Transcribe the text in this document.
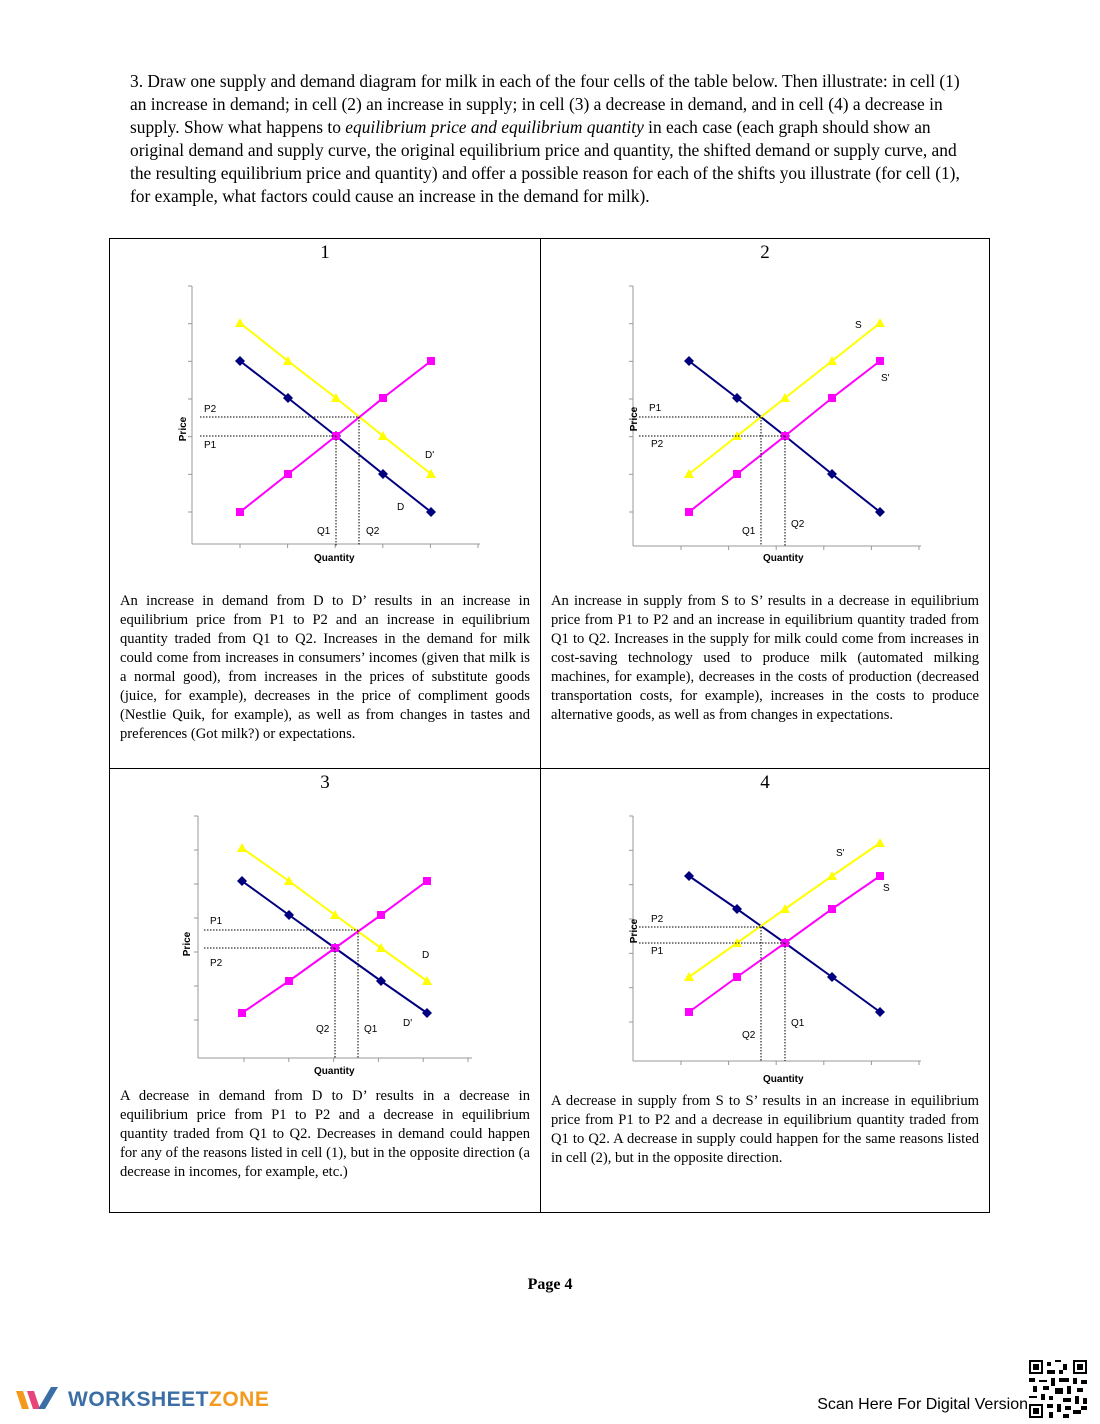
3. Draw one supply and demand diagram for milk in each of the four cells of the table below. Then illustrate: in cell (1) an increase in demand; in cell (2) an increase in supply; in cell (3) a decrease in demand, and in cell (4) a decrease in supply. Show what happens to equilibrium price and equilibrium quantity in each case (each graph should show an original demand and supply curve, the original equilibrium price and quantity, the shifted demand or supply curve, and the resulting equilibrium price and quantity) and offer a possible reason for each of the shifts you illustrate (for cell (1), for example, what factors could cause an increase in the demand for milk).

1
P2
P1
Q1	Q2
D'
D
Quantity
Price

An increase in demand from D to D’ results in an increase in equilibrium price from P1 to P2 and an increase in equilibrium quantity traded from Q1 to Q2. Increases in the demand for milk could come from increases in consumers’ incomes (given that milk is a normal good), from increases in the prices of substitute goods (juice, for example), decreases in the price of compliment goods (Nestlie Quik, for example), as well as from changes in tastes and preferences (Got milk?) or expectations.

2
P1
P2
Q1
Q2
S
S'
Quantity
Price

An increase in supply from S to S’ results in a decrease in equilibrium price from P1 to P2 and an increase in equilibrium quantity traded from Q1 to Q2. Increases in the supply for milk could come from increases in cost-saving technology used to produce milk (automated milking machines, for example), decreases in the costs of production (decreased transportation costs, for example), increases in the costs to produce alternative goods, as well as from changes in expectations.

3
P1
P2
Q2	Q1
D
D'
Quantity
Price

A decrease in demand from D to D’ results in a decrease in equilibrium price from P1 to P2 and a decrease in equilibrium quantity traded from Q1 to Q2. Decreases in demand could happen for any of the reasons listed in cell (1), but in the opposite direction (a decrease in incomes, for example, etc.)

4
P2
P1
Q2
Q1
S'
S
Quantity
Price

A decrease in supply from S to S’ results in an increase in equilibrium price from P1 to P2 and a decrease in equilibrium quantity traded from Q1 to Q2. A decrease in supply could happen for the same reasons listed in cell (2), but in the opposite direction.

Page 4
WORKSHEETZONE	Scan Here For Digital Version
